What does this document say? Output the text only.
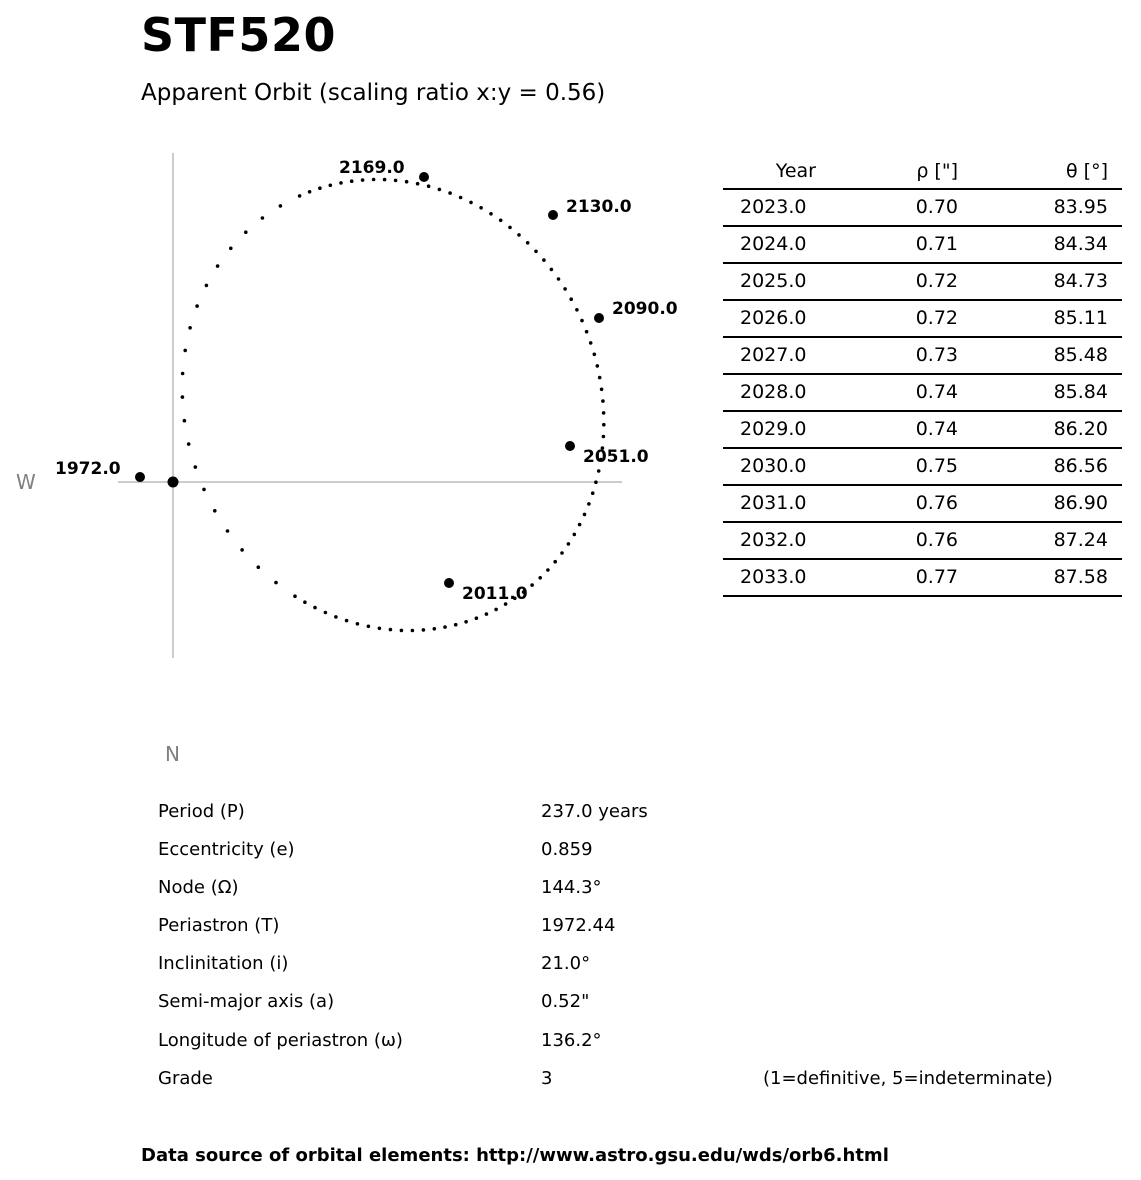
STF520
Apparent Orbit (scaling ratio x:y = 0.56)
W
N
2169.0
2130.0
2090.0
2051.0
2011.0
1972.0
Year	ρ ["]	θ [°]
2023.0	0.70	83.95
2024.0	0.71	84.34
2025.0	0.72	84.73
2026.0	0.72	85.11
2027.0	0.73	85.48
2028.0	0.74	85.84
2029.0	0.74	86.20
2030.0	0.75	86.56
2031.0	0.76	86.90
2032.0	0.76	87.24
2033.0	0.77	87.58
Period (P)	237.0 years
Eccentricity (e)	0.859
Node (Ω)	144.3°
Periastron (T)	1972.44
Inclinitation (i)	21.0°
Semi-major axis (a)	0.52"
Longitude of periastron (ω)	136.2°
Grade	3	(1=definitive, 5=indeterminate)
Data source of orbital elements: http://www.astro.gsu.edu/wds/orb6.html
